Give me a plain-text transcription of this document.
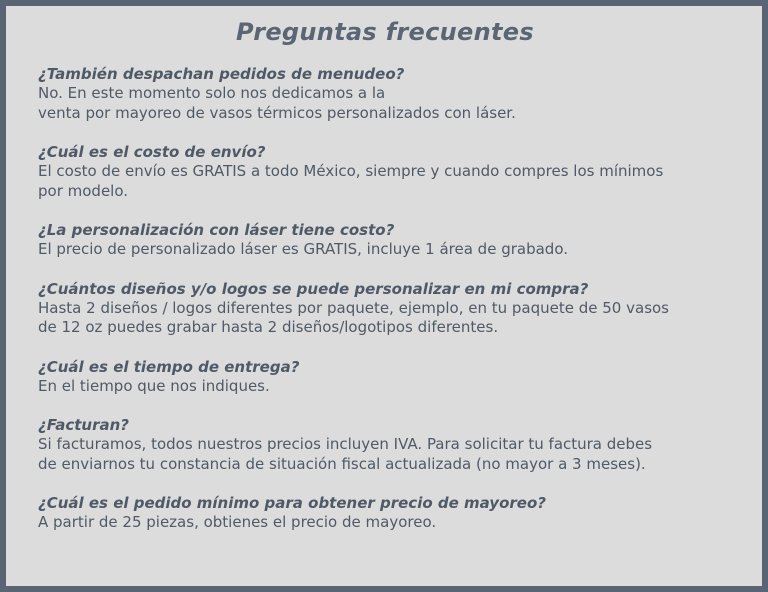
Preguntas frecuentes
¿También despachan pedidos de menudeo?
No. En este momento solo nos dedicamos a la
venta por mayoreo de vasos térmicos personalizados con láser.
¿Cuál es el costo de envío?
El costo de envío es GRATIS a todo México, siempre y cuando compres los mínimos
por modelo.
¿La personalización con láser tiene costo?
El precio de personalizado láser es GRATIS, incluye 1 área de grabado.
¿Cuántos diseños y/o logos se puede personalizar en mi compra?
Hasta 2 diseños / logos diferentes por paquete, ejemplo, en tu paquete de 50 vasos
de 12 oz puedes grabar hasta 2 diseños/logotipos diferentes.
¿Cuál es el tiempo de entrega?
En el tiempo que nos indiques.
¿Facturan?
Si facturamos, todos nuestros precios incluyen IVA. Para solicitar tu factura debes
de enviarnos tu constancia de situación fiscal actualizada (no mayor a 3 meses).
¿Cuál es el pedido mínimo para obtener precio de mayoreo?
A partir de 25 piezas, obtienes el precio de mayoreo.
